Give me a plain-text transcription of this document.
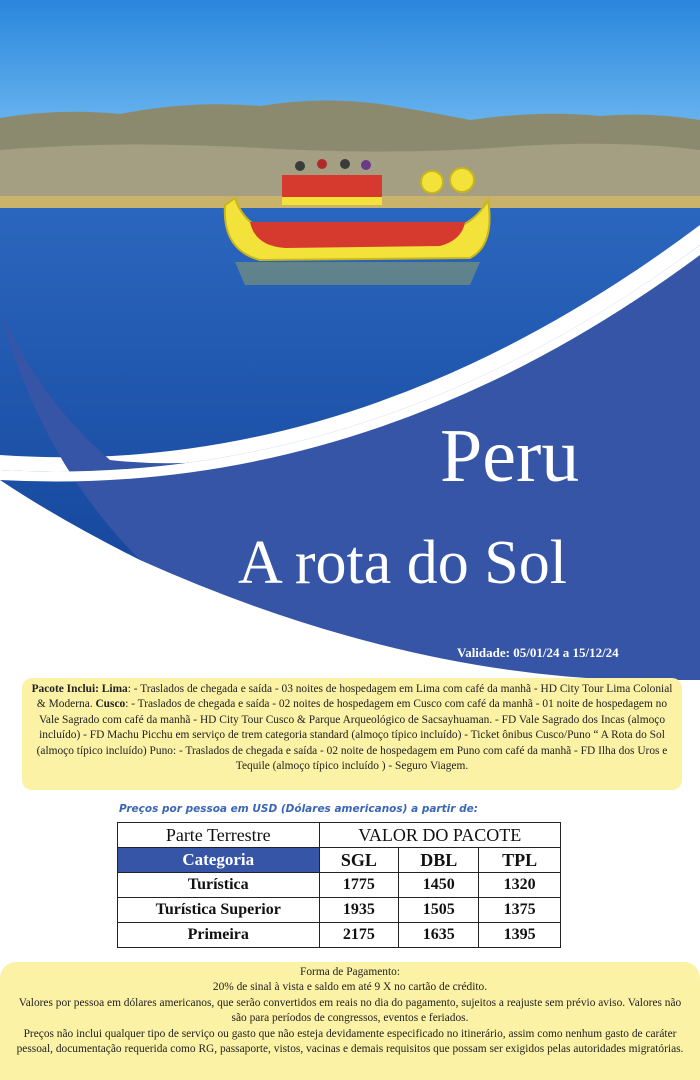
Peru
A rota do Sol
Validade: 05/01/24 a 15/12/24
Pacote Inclui: Lima: - Traslados de chegada e saída - 03 noites de hospedagem em Lima com café da manhã - HD City Tour Lima Colonial & Moderna. Cusco: - Traslados de chegada e saída - 02 noites de hospedagem em Cusco com café da manhã - 01 noite de hospedagem no Vale Sagrado com café da manhã - HD City Tour Cusco & Parque Arqueológico de Sacsayhuaman. - FD Vale Sagrado dos Incas (almoço incluído) - FD Machu Picchu em serviço de trem categoria standard (almoço típico incluído) - Ticket ônibus Cusco/Puno “ A Rota do Sol (almoço típico incluído) Puno: - Traslados de chegada e saída - 02 noite de hospedagem em Puno com café da manhã - FD Ilha dos Uros e Tequile (almoço típico incluído ) - Seguro Viagem.
Preços por pessoa em USD (Dólares americanos) a partir de:
Parte Terrestre	VALOR DO PACOTE		
Categoria	SGL	DBL	TPL
Turística	1775	1450	1320
Turística Superior	1935	1505	1375
Primeira	2175	1635	1395

Forma de Pagamento:

20% de sinal à vista e saldo em até 9 X no cartão de crédito.

Valores por pessoa em dólares americanos, que serão convertidos em reais no dia do pagamento, sujeitos a reajuste sem prévio aviso. Valores não são para períodos de congressos, eventos e feriados.

Preços não inclui qualquer tipo de serviço ou gasto que não esteja devidamente especificado no itinerário, assim como nenhum gasto de caráter pessoal, documentação requerida como RG, passaporte, vistos, vacinas e demais requisitos que possam ser exigidos pelas autoridades migratórias.
